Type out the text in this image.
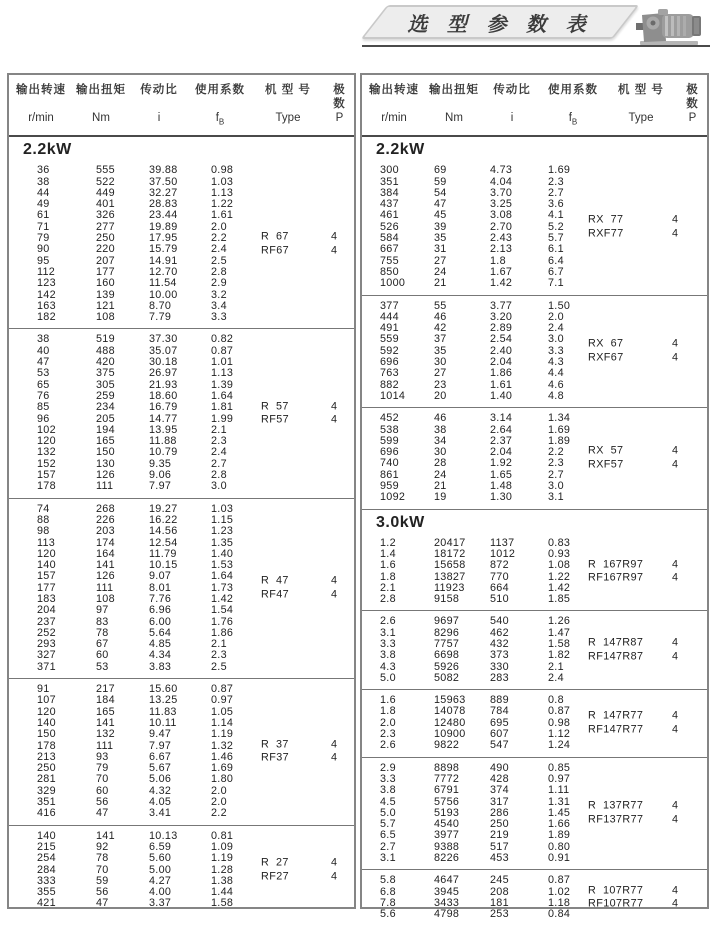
选 型 参 数 表
输出转速 输出扭矩	传动比	使用系数	机 型 号	极 数
r/min	Nm	i	$f_B$	Type	P
2.2kW
36	555	39.88	0.98
38	522	37.50	1.03
44	449	32.27	1.13
49	401	28.83	1.22
61	326	23.44	1.61
71	277	19.89	2.0
79	250	17.95	2.2
90	220	15.79	2.4
95	207	14.91	2.5
112	177	12.70	2.8
123	160	11.54	2.9
142	139	10.00	3.2
163	121	8.70	3.4
182	108	7.79	3.3
R  67
RF67
4
4
38	519	37.30	0.82
40	488	35.07	0.87
47	420	30.18	1.01
53	375	26.97	1.13
65	305	21.93	1.39
76	259	18.60	1.64
85	234	16.79	1.81
96	205	14.77	1.99
102	194	13.95	2.1
120	165	11.88	2.3
132	150	10.79	2.4
152	130	9.35	2.7
157	126	9.06	2.8
178	111	7.97	3.0
R  57
RF57
4
4
74	268	19.27	1.03
88	226	16.22	1.15
98	203	14.56	1.23
113	174	12.54	1.35
120	164	11.79	1.40
140	141	10.15	1.53
157	126	9.07	1.64
177	111	8.01	1.73
183	108	7.76	1.42
204	97	6.96	1.54
237	83	6.00	1.76
252	78	5.64	1.86
293	67	4.85	2.1
327	60	4.34	2.3
371	53	3.83	2.5
R  47
RF47
4
4
91	217	15.60	0.87
107	184	13.25	0.97
120	165	11.83	1.05
140	141	10.11	1.14
150	132	9.47	1.19
178	111	7.97	1.32
213	93	6.67	1.46
250	79	5.67	1.69
281	70	5.06	1.80
329	60	4.32	2.0
351	56	4.05	2.0
416	47	3.41	2.2
R  37
RF37
4
4
140	141	10.13	0.81
215	92	6.59	1.09
254	78	5.60	1.19
284	70	5.00	1.28
333	59	4.27	1.38
355	56	4.00	1.44
421	47	3.37	1.58
R  27
RF27
4
4
输出转速 输出扭矩	传动比	使用系数	机 型 号	极 数
r/min	Nm	i	$f_B$	Type	P
2.2kW
300	69	4.73	1.69
351	59	4.04	2.3
384	54	3.70	2.7
437	47	3.25	3.6
461	45	3.08	4.1
526	39	2.70	5.2
584	35	2.43	5.7
667	31	2.13	6.1
755	27	1.8	6.4
850	24	1.67	6.7
1000	21	1.42	7.1
RX  77
RXF77
4
4
377	55	3.77	1.50
444	46	3.20	2.0
491	42	2.89	2.4
559	37	2.54	3.0
592	35	2.40	3.3
696	30	2.04	4.3
763	27	1.86	4.4
882	23	1.61	4.6
1014	20	1.40	4.8
RX  67
RXF67
4
4
452	46	3.14	1.34
538	38	2.64	1.69
599	34	2.37	1.89
696	30	2.04	2.2
740	28	1.92	2.3
861	24	1.65	2.7
959	21	1.48	3.0
1092	19	1.30	3.1
RX  57
RXF57
4
4
3.0kW
1.2	20417	1137	0.83
1.4	18172	1012	0.93
1.6	15658	872	1.08
1.8	13827	770	1.22
2.1	11923	664	1.42
2.8	9158	510	1.85
R  167R97
RF167R97
4
4
2.6	9697	540	1.26
3.1	8296	462	1.47
3.3	7757	432	1.58
3.8	6698	373	1.82
4.3	5926	330	2.1
5.0	5082	283	2.4
R  147R87
RF147R87
4
4
1.6	15963	889	0.8
1.8	14078	784	0.87
2.0	12480	695	0.98
2.3	10900	607	1.12
2.6	9822	547	1.24
R  147R77
RF147R77
4
4
2.9	8898	490	0.85
3.3	7772	428	0.97
3.8	6791	374	1.11
4.5	5756	317	1.31
5.0	5193	286	1.45
5.7	4540	250	1.66
6.5	3977	219	1.89
2.7	9388	517	0.80
3.1	8226	453	0.91
R  137R77
RF137R77
4
4
5.8	4647	245	0.87
6.8	3945	208	1.02
7.8	3433	181	1.18
5.6	4798	253	0.84
R  107R77
RF107R77
4
4
